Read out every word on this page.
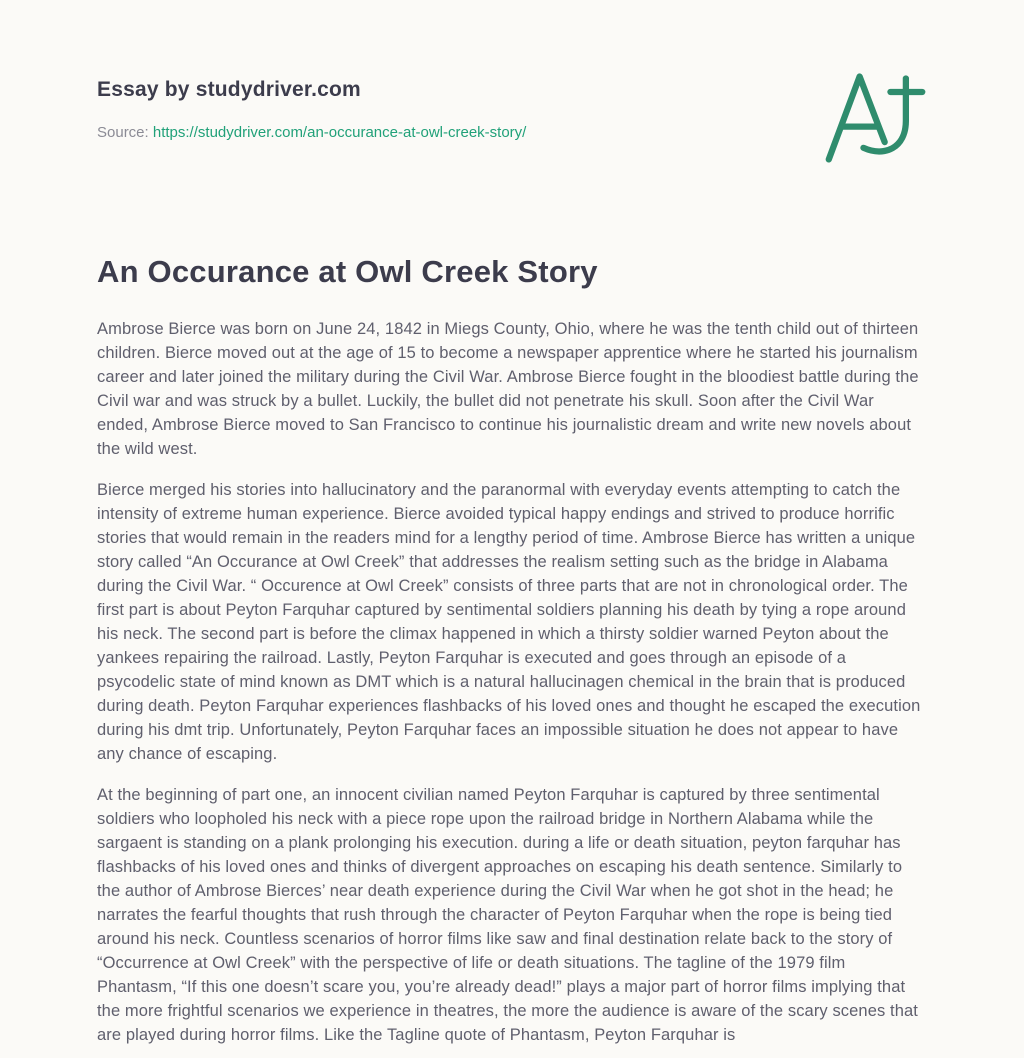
Essay by studydriver.com
Source: https://studydriver.com/an-occurance-at-owl-creek-story/
An Occurance at Owl Creek Story

Ambrose Bierce was born on June 24, 1842 in Miegs County, Ohio, where he was the tenth child out of thirteen children. Bierce moved out at the age of 15 to become a newspaper apprentice where he started his journalism career and later joined the military during the Civil War. Ambrose Bierce fought in the bloodiest battle during the Civil war and was struck by a bullet. Luckily, the bullet did not penetrate his skull. Soon after the Civil War ended, Ambrose Bierce moved to San Francisco to continue his journalistic dream and write new novels about the wild west.

Bierce merged his stories into hallucinatory and the paranormal with everyday events attempting to catch the intensity of extreme human experience. Bierce avoided typical happy endings and strived to produce horrific stories that would remain in the readers mind for a lengthy period of time. Ambrose Bierce has written a unique story called “An Occurance at Owl Creek” that addresses the realism setting such as the bridge in Alabama during the Civil War. “ Occurence at Owl Creek” consists of three parts that are not in chronological order. The first part is about Peyton Farquhar captured by sentimental soldiers planning his death by tying a rope around his neck. The second part is before the climax happened in which a thirsty soldier warned Peyton about the yankees repairing the railroad. Lastly, Peyton Farquhar is executed and goes through an episode of a psycodelic state of mind known as DMT which is a natural hallucinagen chemical in the brain that is produced during death. Peyton Farquhar experiences flashbacks of his loved ones and thought he escaped the execution during his dmt trip. Unfortunately, Peyton Farquhar faces an impossible situation he does not appear to have any chance of escaping.

At the beginning of part one, an innocent civilian named Peyton Farquhar is captured by three sentimental soldiers who loopholed his neck with a piece rope upon the railroad bridge in Northern Alabama while the sargaent is standing on a plank prolonging his execution. during a life or death situation, peyton farquhar has flashbacks of his loved ones and thinks of divergent approaches on escaping his death sentence. Similarly to the author of Ambrose Bierces’ near death experience during the Civil War when he got shot in the head; he narrates the fearful thoughts that rush through the character of Peyton Farquhar when the rope is being tied around his neck. Countless scenarios of horror films like saw and final destination relate back to the story of “Occurrence at Owl Creek” with the perspective of life or death situations. The tagline of the 1979 film Phantasm, “If this one doesn’t scare you, you’re already dead!” plays a major part of horror films implying that the more frightful scenarios we experience in theatres, the more the audience is aware of the scary scenes that are played during horror films. Like the Tagline quote of Phantasm, Peyton Farquhar is
